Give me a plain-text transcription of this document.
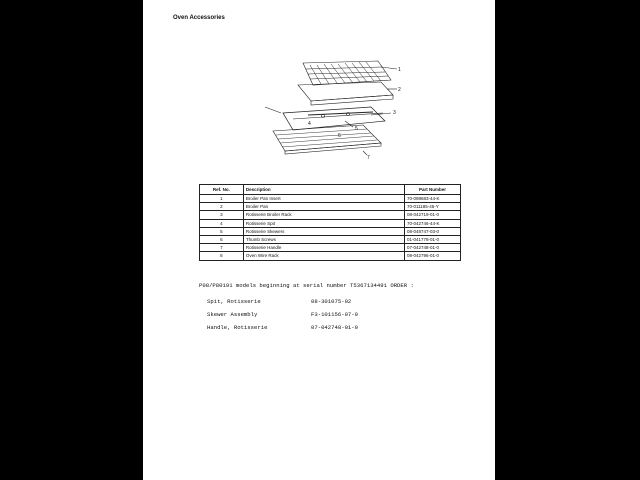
Oven Accessories
1
2
3
4
5
6
7
Ref. No.	Description	Part Number
1	Broiler Pan Insert	70-098683-44-K
2	Broiler Pan	70-011185-45-Y
3	Rotisserie Broiler Rack	08-042719-01-0
4	Rotisserie Spit	70-042746-44-K
5	Rotisserie Skewers	08-048747-03-0
6	Thumb Screws	01-041778-01-0
7	Rotisserie Handle	07-042748-01-0
8	Oven Wire Rack	08-042796-01-0
P08/P80191 models beginning at serial number T5367134491 ORDER :
Spit, Rotisserie	08-301075-02
Skewer Assembly	F3-101156-07-0
Handle, Rotisserie	07-042748-01-0
